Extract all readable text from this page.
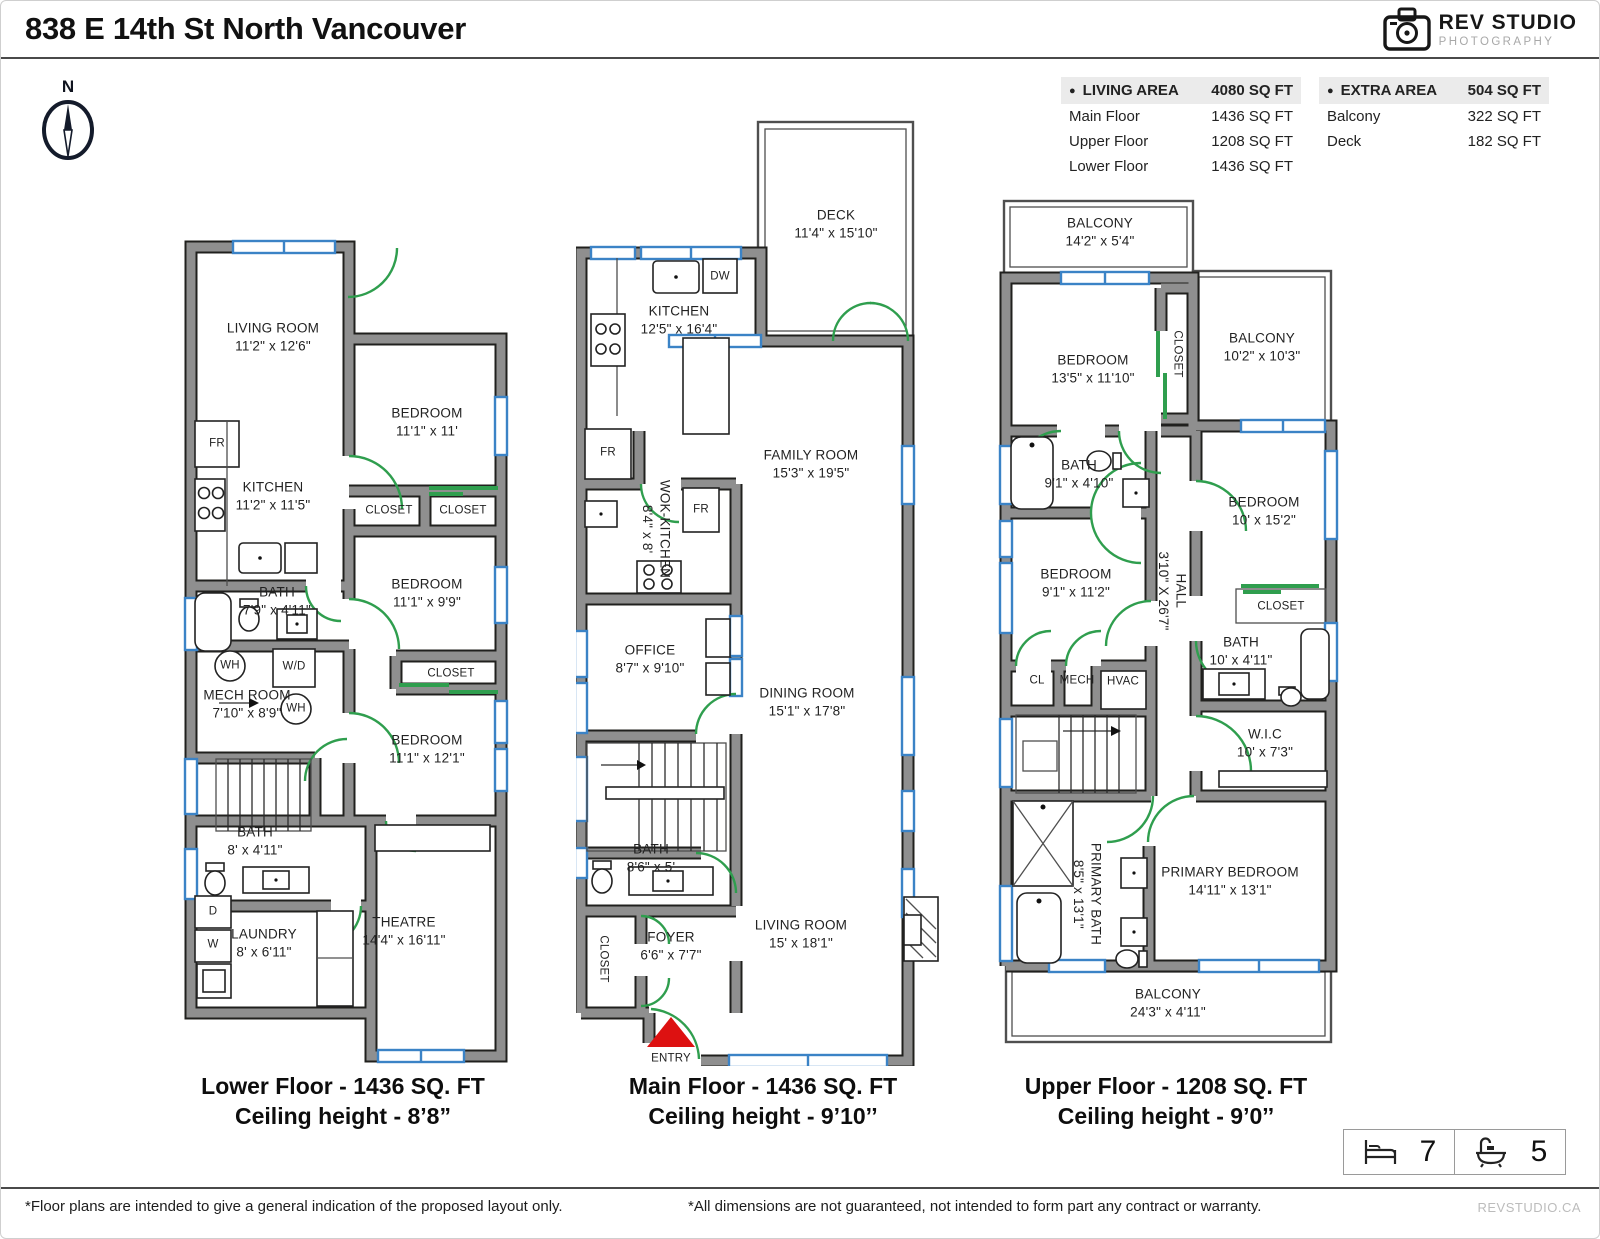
838 E 14th St North Vancouver	REV STUDIO
PHOTOGRAPHY
N	● LIVING AREA 4080 SQ FT
Main Floor	1436 SQ FT
Upper Floor	1208 SQ FT
Lower Floor	1436 SQ FT
● EXTRA AREA 504 SQ FT
Balcony	322 SQ FT
Deck	182 SQ FT
LIVING ROOM
11'2" x 12'6"
BEDROOM
11'1" x 11'
FR
KITCHEN
11'2" x 11'5"	CLOSET CLOSET
BATH
7'9" x 4'11"
BEDROOM
11'1" x 9'9"
WH	W/D
MECH ROOM
7'10" x 8'9" WH
CLOSET
BEDROOM
11'1" x 12'1"
BATH
8' x 4'11"
D
W
LAUNDRY
8' x 6'11"
THEATRE
14'4" x 16'11"
DECK
11'4" x 15'10"
KITCHEN
12'5" x 16'4"
DW
FR
WOK-KITCHEN
8'4" x 8'	FR
FAMILY ROOM
15'3" x 19'5"
OFFICE
8'7" x 9'10"
DINING ROOM
15'1" x 17'8"
BATH
8'6" x 5'
CLOSET	FOYER
6'6" x 7'7"
LIVING ROOM
15' x 18'1"
ENTRY
BALCONY
14'2" x 5'4"
BEDROOM
13'5" x 11'10"	CLOSET	BALCONY
10'2" x 10'3"
BATH
9'1" x 4'10"
BEDROOM
10' x 15'2"
BEDROOM
9'1" x 11'2"	HALL
3'10" X 26'7"	CLOSET
BATH
10' x 4'11"
CL MECH HVAC
W.I.C
10' x 7'3"
PRIMARY BATH
8'5" x 13'1"	PRIMARY BEDROOM
14'11" x 13'1"
BALCONY
24'3" x 4'11"
Lower Floor - 1436 SQ. FT
Ceiling height - 8’8”
Main Floor - 1436 SQ. FT
Ceiling height - 9’10’’
Upper Floor - 1208 SQ. FT
Ceiling height - 9’0’’
7	5
*Floor plans are intended to give a general indication of the proposed layout only.	*All dimensions are not guaranteed, not intended to form part any contract or warranty.	REVSTUDIO.CA
